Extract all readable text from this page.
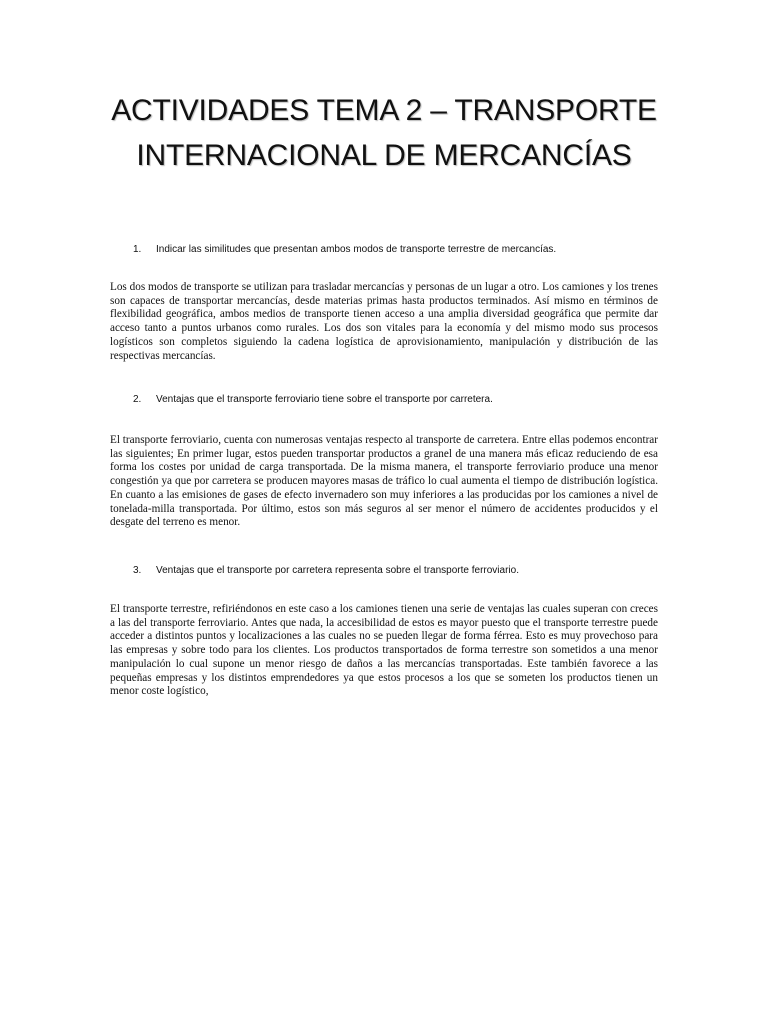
ACTIVIDADES TEMA 2 – TRANSPORTE
INTERNACIONAL DE MERCANCÍAS

1. Indicar las similitudes que presentan ambos modos de transporte terrestre de mercancías.

Los dos modos de transporte se utilizan para trasladar mercancías y personas de un lugar a otro. Los camiones y los trenes son capaces de transportar mercancías, desde materias primas hasta productos terminados. Así mismo en términos de flexibilidad geográfica, ambos medios de transporte tienen acceso a una amplia diversidad geográfica que permite dar acceso tanto a puntos urbanos como rurales. Los dos son vitales para la economía y del mismo modo sus procesos logísticos son completos siguiendo la cadena logística de aprovisionamiento, manipulación y distribución de las respectivas mercancías.

2. Ventajas que el transporte ferroviario tiene sobre el transporte por carretera.

El transporte ferroviario, cuenta con numerosas ventajas respecto al transporte de carretera. Entre ellas podemos encontrar las siguientes; En primer lugar, estos pueden transportar productos a granel de una manera más eficaz reduciendo de esa forma los costes por unidad de carga transportada. De la misma manera, el transporte ferroviario produce una menor congestión ya que por carretera se producen mayores masas de tráfico lo cual aumenta el tiempo de distribución logística. En cuanto a las emisiones de gases de efecto invernadero son muy inferiores a las producidas por los camiones a nivel de tonelada-milla transportada. Por último, estos son más seguros al ser menor el número de accidentes producidos y el desgate del terreno es menor.

3. Ventajas que el transporte por carretera representa sobre el transporte ferroviario.

El transporte terrestre, refiriéndonos en este caso a los camiones tienen una serie de ventajas las cuales superan con creces a las del transporte ferroviario. Antes que nada, la accesibilidad de estos es mayor puesto que el transporte terrestre puede acceder a distintos puntos y localizaciones a las cuales no se pueden llegar de forma férrea. Esto es muy provechoso para las empresas y sobre todo para los clientes. Los productos transportados de forma terrestre son sometidos a una menor manipulación lo cual supone un menor riesgo de daños a las mercancías transportadas. Este también favorece a las pequeñas empresas y los distintos emprendedores ya que estos procesos a los que se someten los productos tienen un menor coste logístico,
